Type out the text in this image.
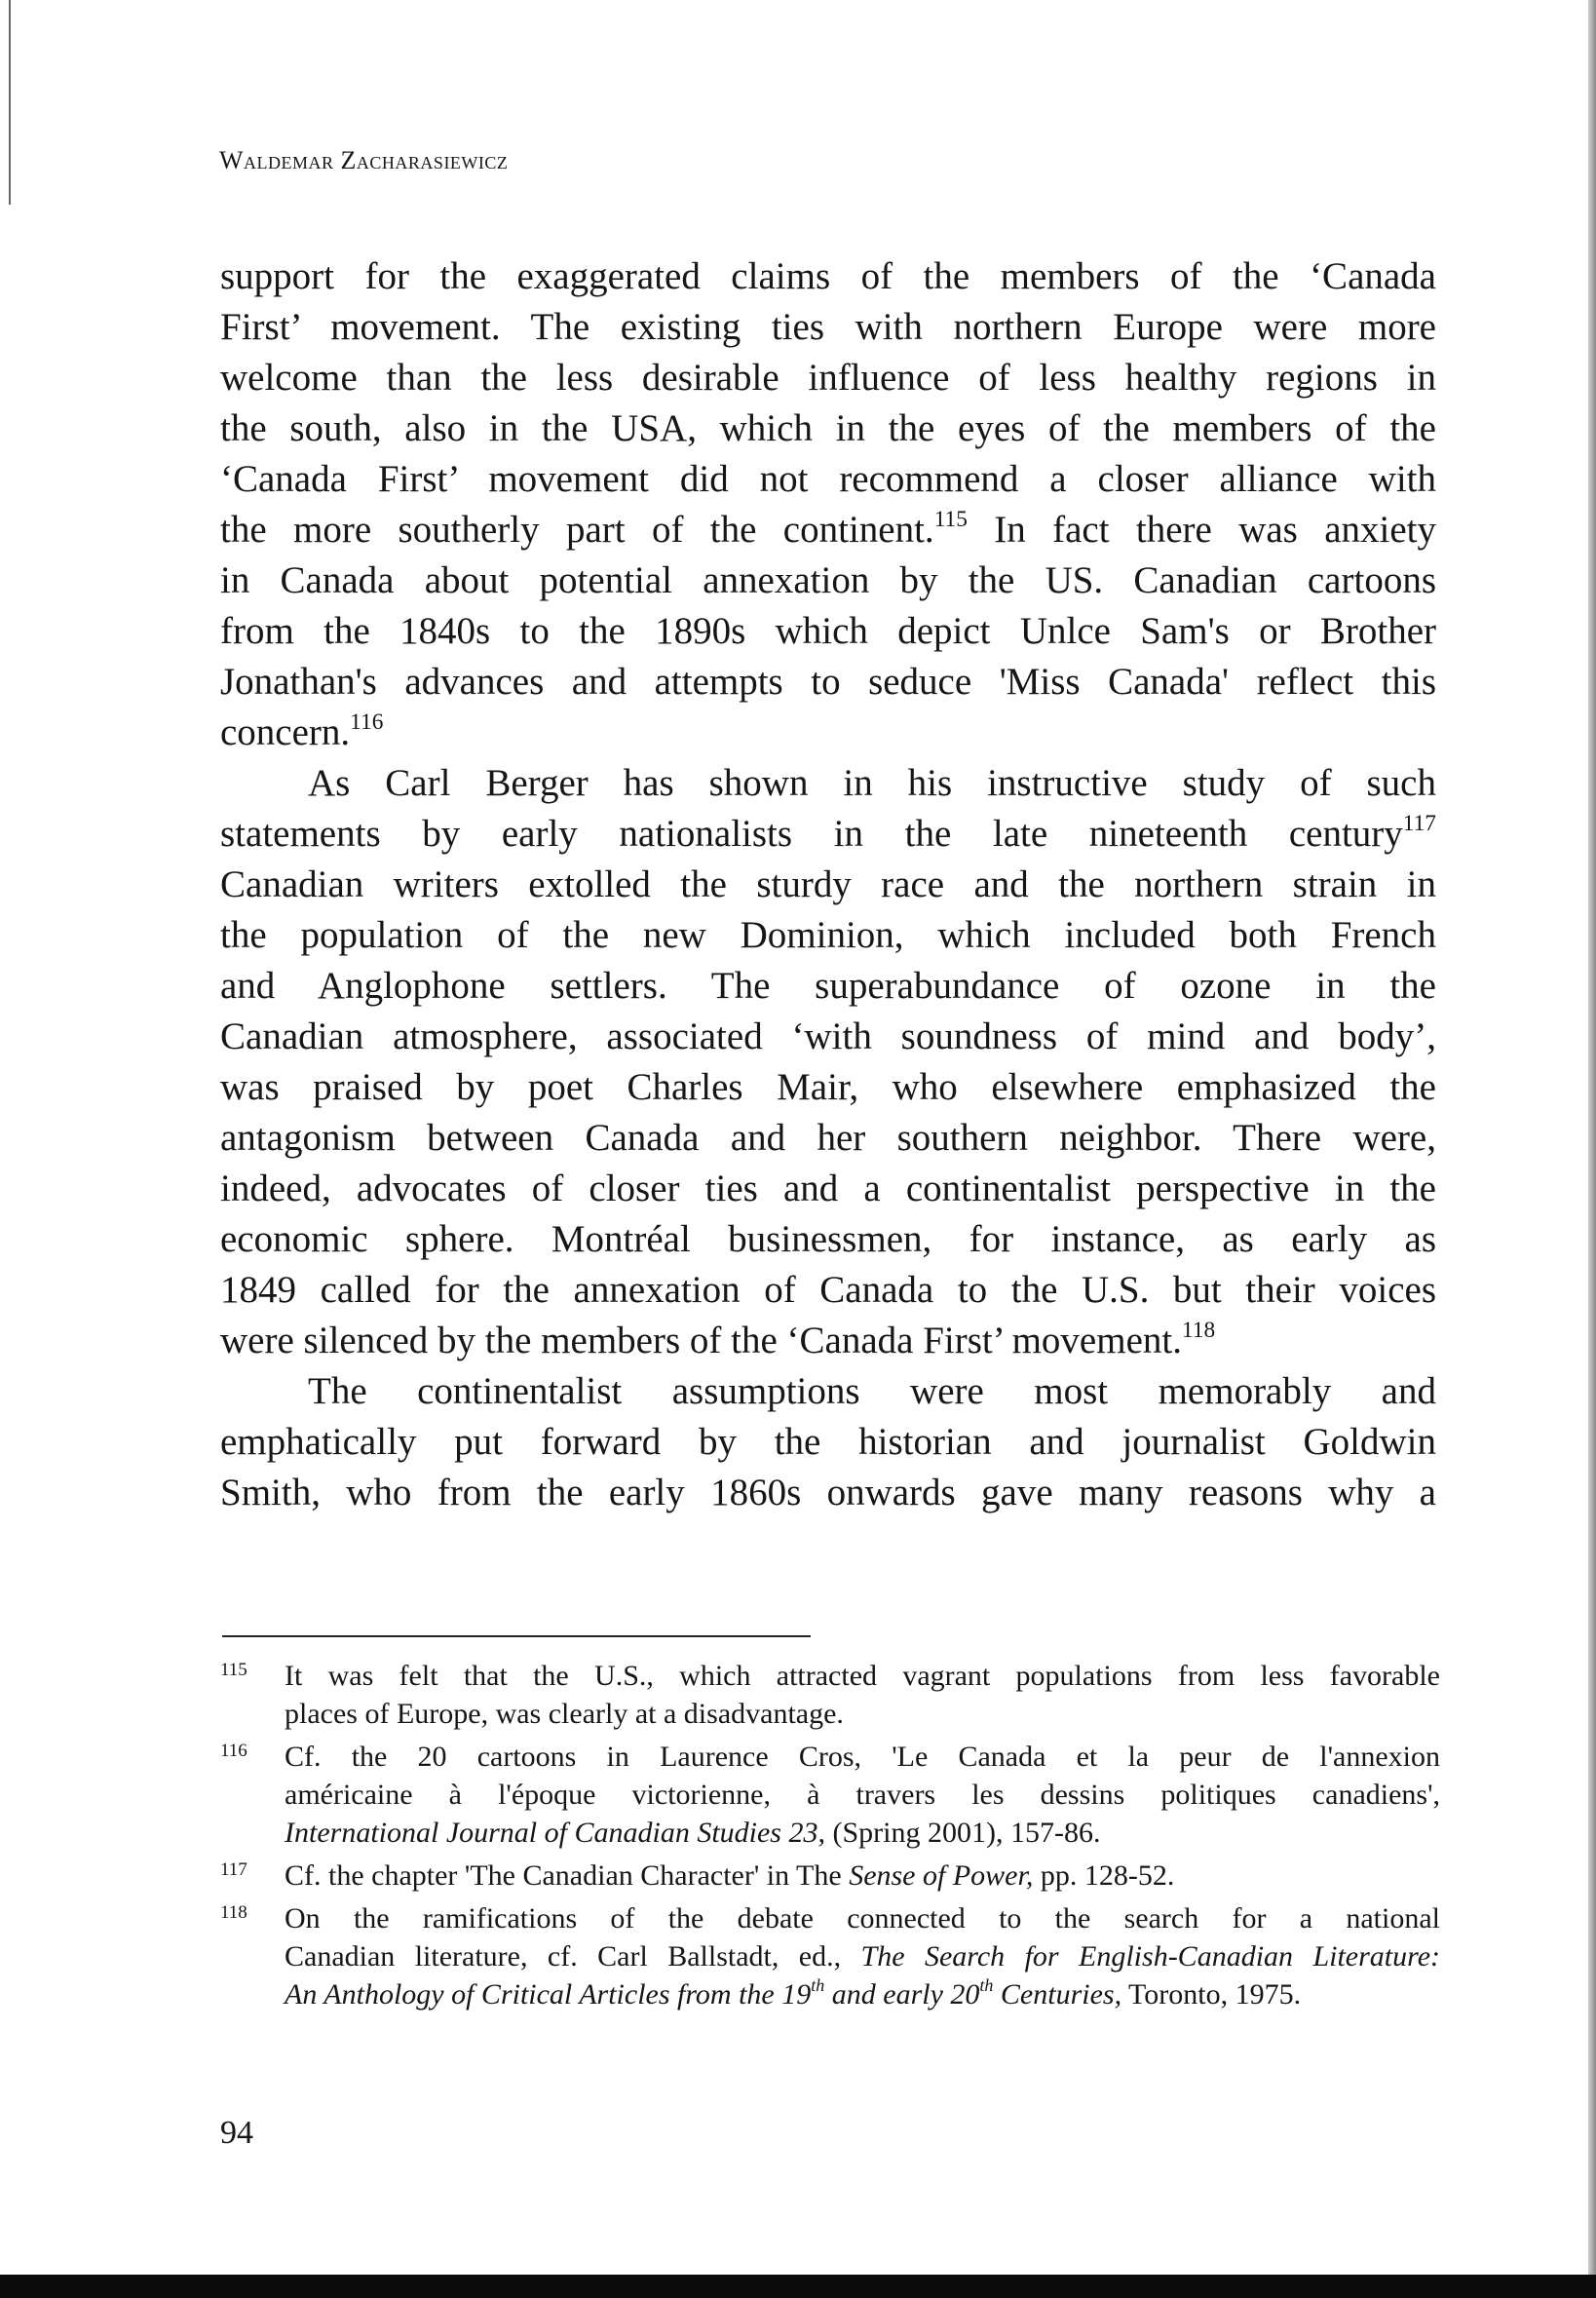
Waldemar Zacharasiewicz
support for the exaggerated claims of the members of the ‘Canada
First’ movement. The existing ties with northern Europe were more
welcome than the less desirable influence of less healthy regions in
the south, also in the USA, which in the eyes of the members of the
‘Canada First’ movement did not recommend a closer alliance with
the more southerly part of the continent.$^{115}$ In fact there was anxiety
in Canada about potential annexation by the US. Canadian cartoons
from the 1840s to the 1890s which depict Unlce Sam's or Brother
Jonathan's advances and attempts to seduce 'Miss Canada' reflect this
concern.$^{116}$
As Carl Berger has shown in his instructive study of such
statements by early nationalists in the late nineteenth century$^{117}$
Canadian writers extolled the sturdy race and the northern strain in
the population of the new Dominion, which included both French
and Anglophone settlers. The superabundance of ozone in the
Canadian atmosphere, associated ‘with soundness of mind and body’,
was praised by poet Charles Mair, who elsewhere emphasized the
antagonism between Canada and her southern neighbor. There were,
indeed, advocates of closer ties and a continentalist perspective in the
economic sphere. Montréal businessmen, for instance, as early as
1849 called for the annexation of Canada to the U.S. but their voices
were silenced by the members of the ‘Canada First’ movement.$^{118}$
The continentalist assumptions were most memorably and
emphatically put forward by the historian and journalist Goldwin
Smith, who from the early 1860s onwards gave many reasons why a
115 It was felt that the U.S., which attracted vagrant populations from less favorable
places of Europe, was clearly at a disadvantage.
116 Cf. the 20 cartoons in Laurence Cros, 'Le Canada et la peur de l'annexion
américaine à l'époque victorienne, à travers les dessins politiques canadiens',
International Journal of Canadian Studies 23, (Spring 2001), 157-86.
117 Cf. the chapter 'The Canadian Character' in The Sense of Power, pp. 128-52.
118 On the ramifications of the debate connected to the search for a national
Canadian literature, cf. Carl Ballstadt, ed., The Search for English-Canadian Literature:
An Anthology of Critical Articles from the 19th and early 20th Centuries, Toronto, 1975.
94
